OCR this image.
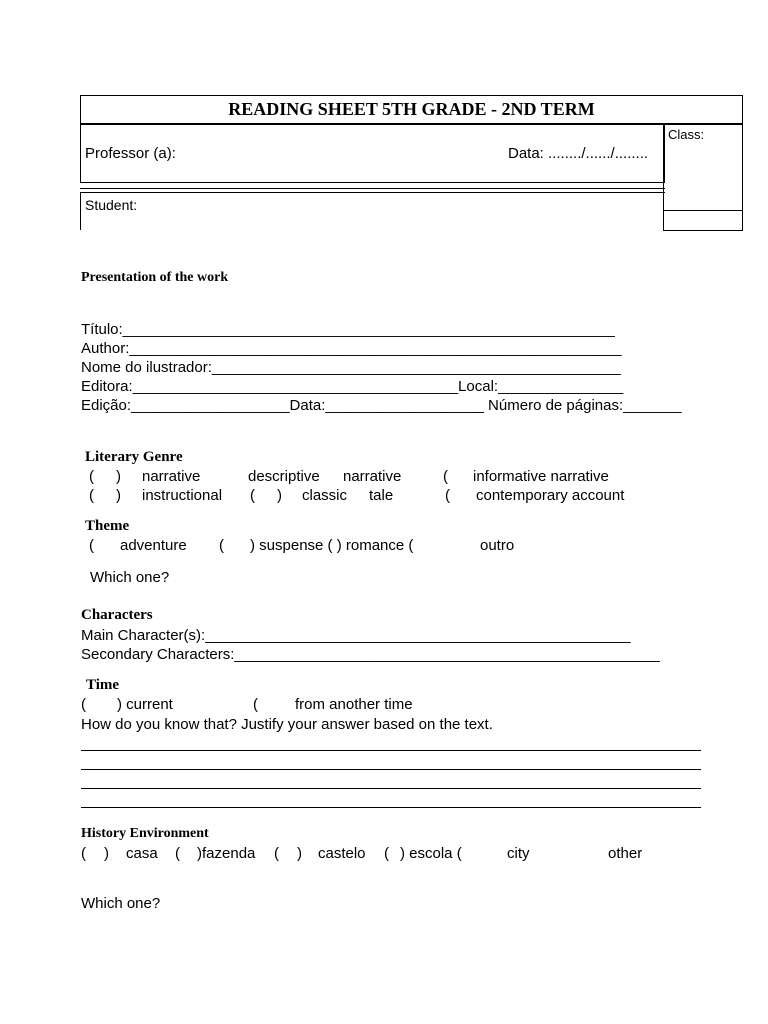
READING SHEET 5TH GRADE - 2ND TERM
Professor (a):	Data: ......../....../........
Class:
Student:
Presentation of the work
Título:___________________________________________________________
Author:___________________________________________________________
Nome do ilustrador:_________________________________________________
Editora:_______________________________________Local:_______________
Edição:___________________Data:___________________ Número de páginas:_______
Literary Genre
( ) narrative	descriptive narrative	( informative narrative
( ) instructional ( ) classic tale	( contemporary account
Theme
( adventure ( ) suspense ( ) romance (	outro
Which one?
Characters
Main Character(s):___________________________________________________
Secondary Characters:___________________________________________________
Time
( ) current	( from another time
How do you know that? Justify your answer based on the text.
History Environment
( ) casa ( )fazenda ( ) castelo ( ) escola (	city	other
Which one?
